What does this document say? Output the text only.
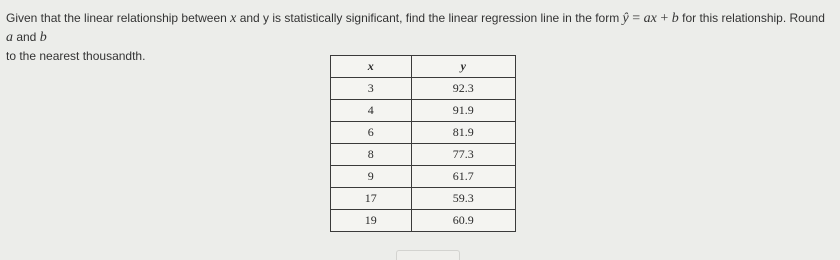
Given that the linear relationship between x and y is statistically significant, find the linear regression line in the form ŷ = ax + b for this relationship. Round a and b
to the nearest thousandth.
x	y
3	92.3
4	91.9
6	81.9
8	77.3
9	61.7
17	59.3
19	60.9
